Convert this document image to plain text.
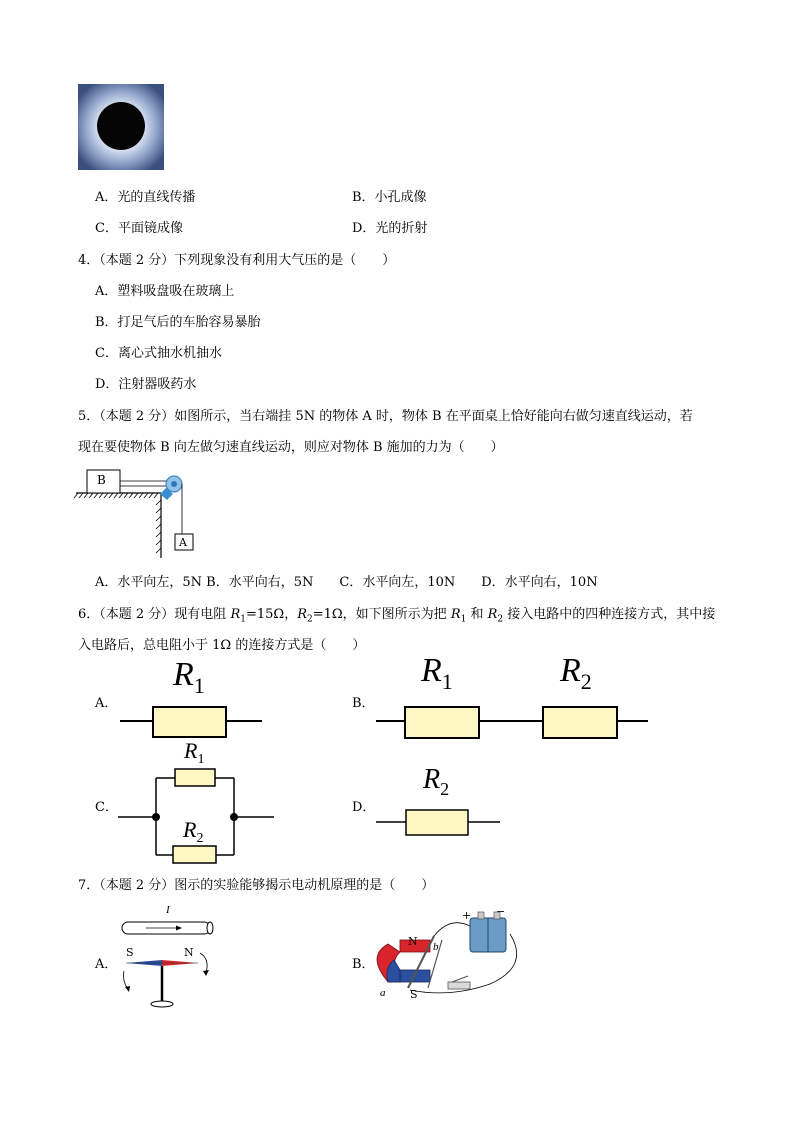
A．光的直线传播	B．小孔成像
C．平面镜成像	D．光的折射
4．（本题 2 分）下列现象没有利用大气压的是（　　）
A．塑料吸盘吸在玻璃上
B．打足气后的车胎容易暴胎
C．离心式抽水机抽水
D．注射器吸药水
5．（本题 2 分）如图所示，当右端挂 5N 的物体 A 时，物体 B 在平面桌上恰好能向右做匀速直线运动，若
现在要使物体 B 向左做匀速直线运动，则应对物体 B 施加的力为（　　）
B
A
A．水平向左，5N B．水平向右，5N　　C．水平向左，10N　　D．水平向右，10N
6．（本题 2 分）现有电阻 $R_1=15\Omega$，$R_2=1\Omega$，如下图所示为把 $R_1$ 和 $R_2$ 接入电路中的四种连接方式，其中接
入电路后，总电阻小于 1Ω 的连接方式是（　　）
A．
$R_1$
B．
$R_1$	$R_2$
C．
$R_1$
$R_2$
D．
$R_2$
7．（本题 2 分）图示的实验能够揭示电动机原理的是（　　）
A．
I
S	N
B．
N
S
a
b
+ −
